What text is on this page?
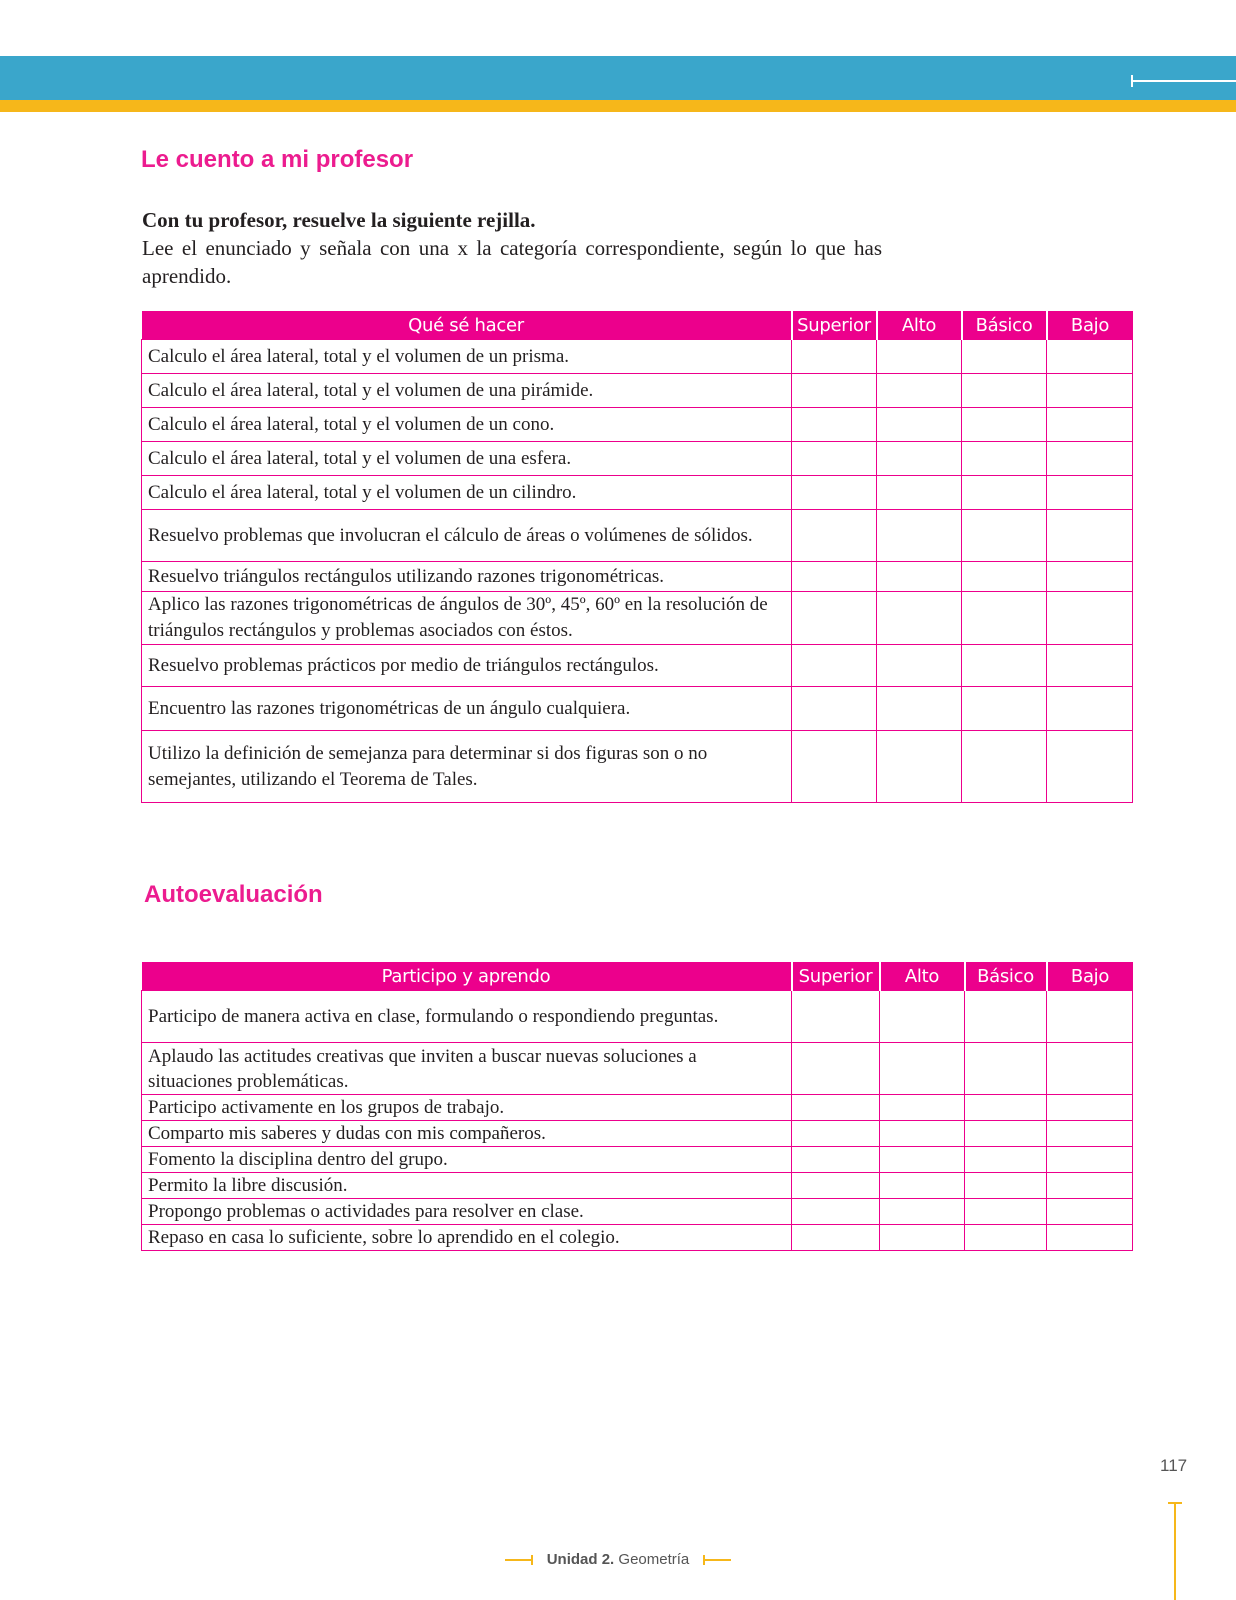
Le cuento a mi profesor
Con tu profesor, resuelve la siguiente rejilla.
Lee el enunciado y señala con una x la categoría correspondiente, según lo que has aprendido.
Qué sé hacer	Superior	Alto	Básico	Bajo
Calculo el área lateral, total y el volumen de un prisma.				
Calculo el área lateral, total y el volumen de una pirámide.				
Calculo el área lateral, total y el volumen de un cono.				
Calculo el área lateral, total y el volumen de una esfera.				
Calculo el área lateral, total y el volumen de un cilindro.				
Resuelvo problemas que involucran el cálculo de áreas o volúmenes de sólidos.				
Resuelvo triángulos rectángulos utilizando razones trigonométricas.				
Aplico las razones trigonométricas de ángulos de 30º, 45º, 60º en la resolución de triángulos rectángulos y problemas asociados con éstos.				
Resuelvo problemas prácticos por medio de triángulos rectángulos.				
Encuentro las razones trigonométricas de un ángulo cualquiera.				
Utilizo la definición de semejanza para determinar si dos figuras son o no semejantes, utilizando el Teorema de Tales.				
Autoevaluación
Participo y aprendo	Superior	Alto	Básico	Bajo
Participo de manera activa en clase, formulando o respondiendo preguntas.				
Aplaudo las actitudes creativas que inviten a buscar nuevas soluciones a situaciones problemáticas.				
Participo activamente en los grupos de trabajo.				
Comparto mis saberes y dudas con mis compañeros.				
Fomento la disciplina dentro del grupo.				
Permito la libre discusión.				
Propongo problemas o actividades para resolver en clase.				
Repaso en casa lo suficiente, sobre lo aprendido en el colegio.				
117
Unidad 2. Geometría
